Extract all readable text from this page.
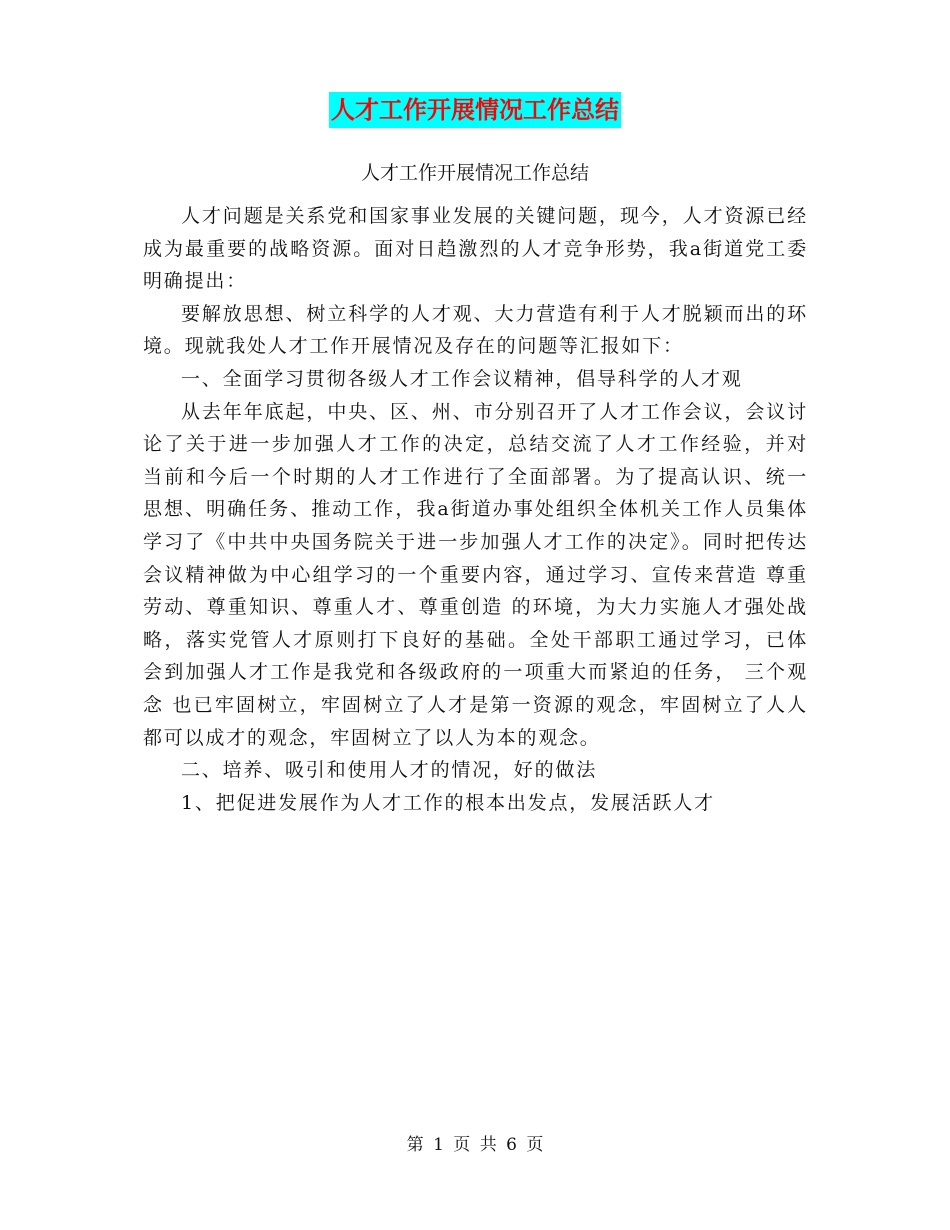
人才工作开展情况工作总结
人才工作开展情况工作总结

人才问题是关系党和国家事业发展的关键问题，现今，人才资源已经成为最重要的战略资源。面对日趋激烈的人才竞争形势，我a街道党工委明确提出：

要解放思想、树立科学的人才观、大力营造有利于人才脱颖而出的环境。现就我处人才工作开展情况及存在的问题等汇报如下：

一、全面学习贯彻各级人才工作会议精神，倡导科学的人才观

从去年年底起，中央、区、州、市分别召开了人才工作会议，会议讨论了关于进一步加强人才工作的决定，总结交流了人才工作经验，并对当前和今后一个时期的人才工作进行了全面部署。为了提高认识、统一思想、明确任务、推动工作，我a街道办事处组织全体机关工作人员集体学习了《中共中央国务院关于进一步加强人才工作的决定》。同时把传达会议精神做为中心组学习的一个重要内容，通过学习、宣传来营造 尊重劳动、尊重知识、尊重人才、尊重创造 的环境，为大力实施人才强处战略，落实党管人才原则打下良好的基础。全处干部职工通过学习，已体会到加强人才工作是我党和各级政府的一项重大而紧迫的任务， 三个观念 也已牢固树立，牢固树立了人才是第一资源的观念，牢固树立了人人都可以成才的观念，牢固树立了以人为本的观念。

二、培养、吸引和使用人才的情况，好的做法

1、把促进发展作为人才工作的根本出发点，发展活跃人才

第 1 页 共 6 页
